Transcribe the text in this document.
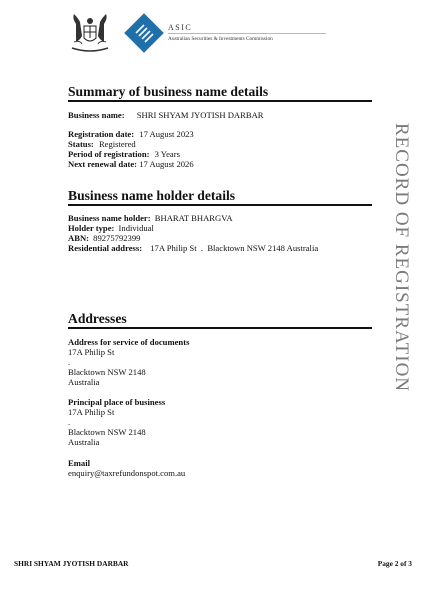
ASIC
Australian Securities & Investments Commission
Summary of business name details
Business name: SHRI SHYAM JYOTISH DARBAR
Registration date: 17 August 2023
Status: Registered
Period of registration: 3 Years
Next renewal date: 17 August 2026
Business name holder details
Business name holder: BHARAT BHARGVA
Holder type: Individual
ABN: 89275792399
Residential address: 17A Philip St  .  Blacktown NSW 2148 Australia
Addresses
Address for service of documents
17A Philip St
.
Blacktown NSW 2148
Australia
Principal place of business
17A Philip St
.
Blacktown NSW 2148
Australia
Email
enquiry@taxrefundonspot.com.au
RECORD OF REGISTRATION
SHRI SHYAM JYOTISH DARBAR	Page 2 of 3
